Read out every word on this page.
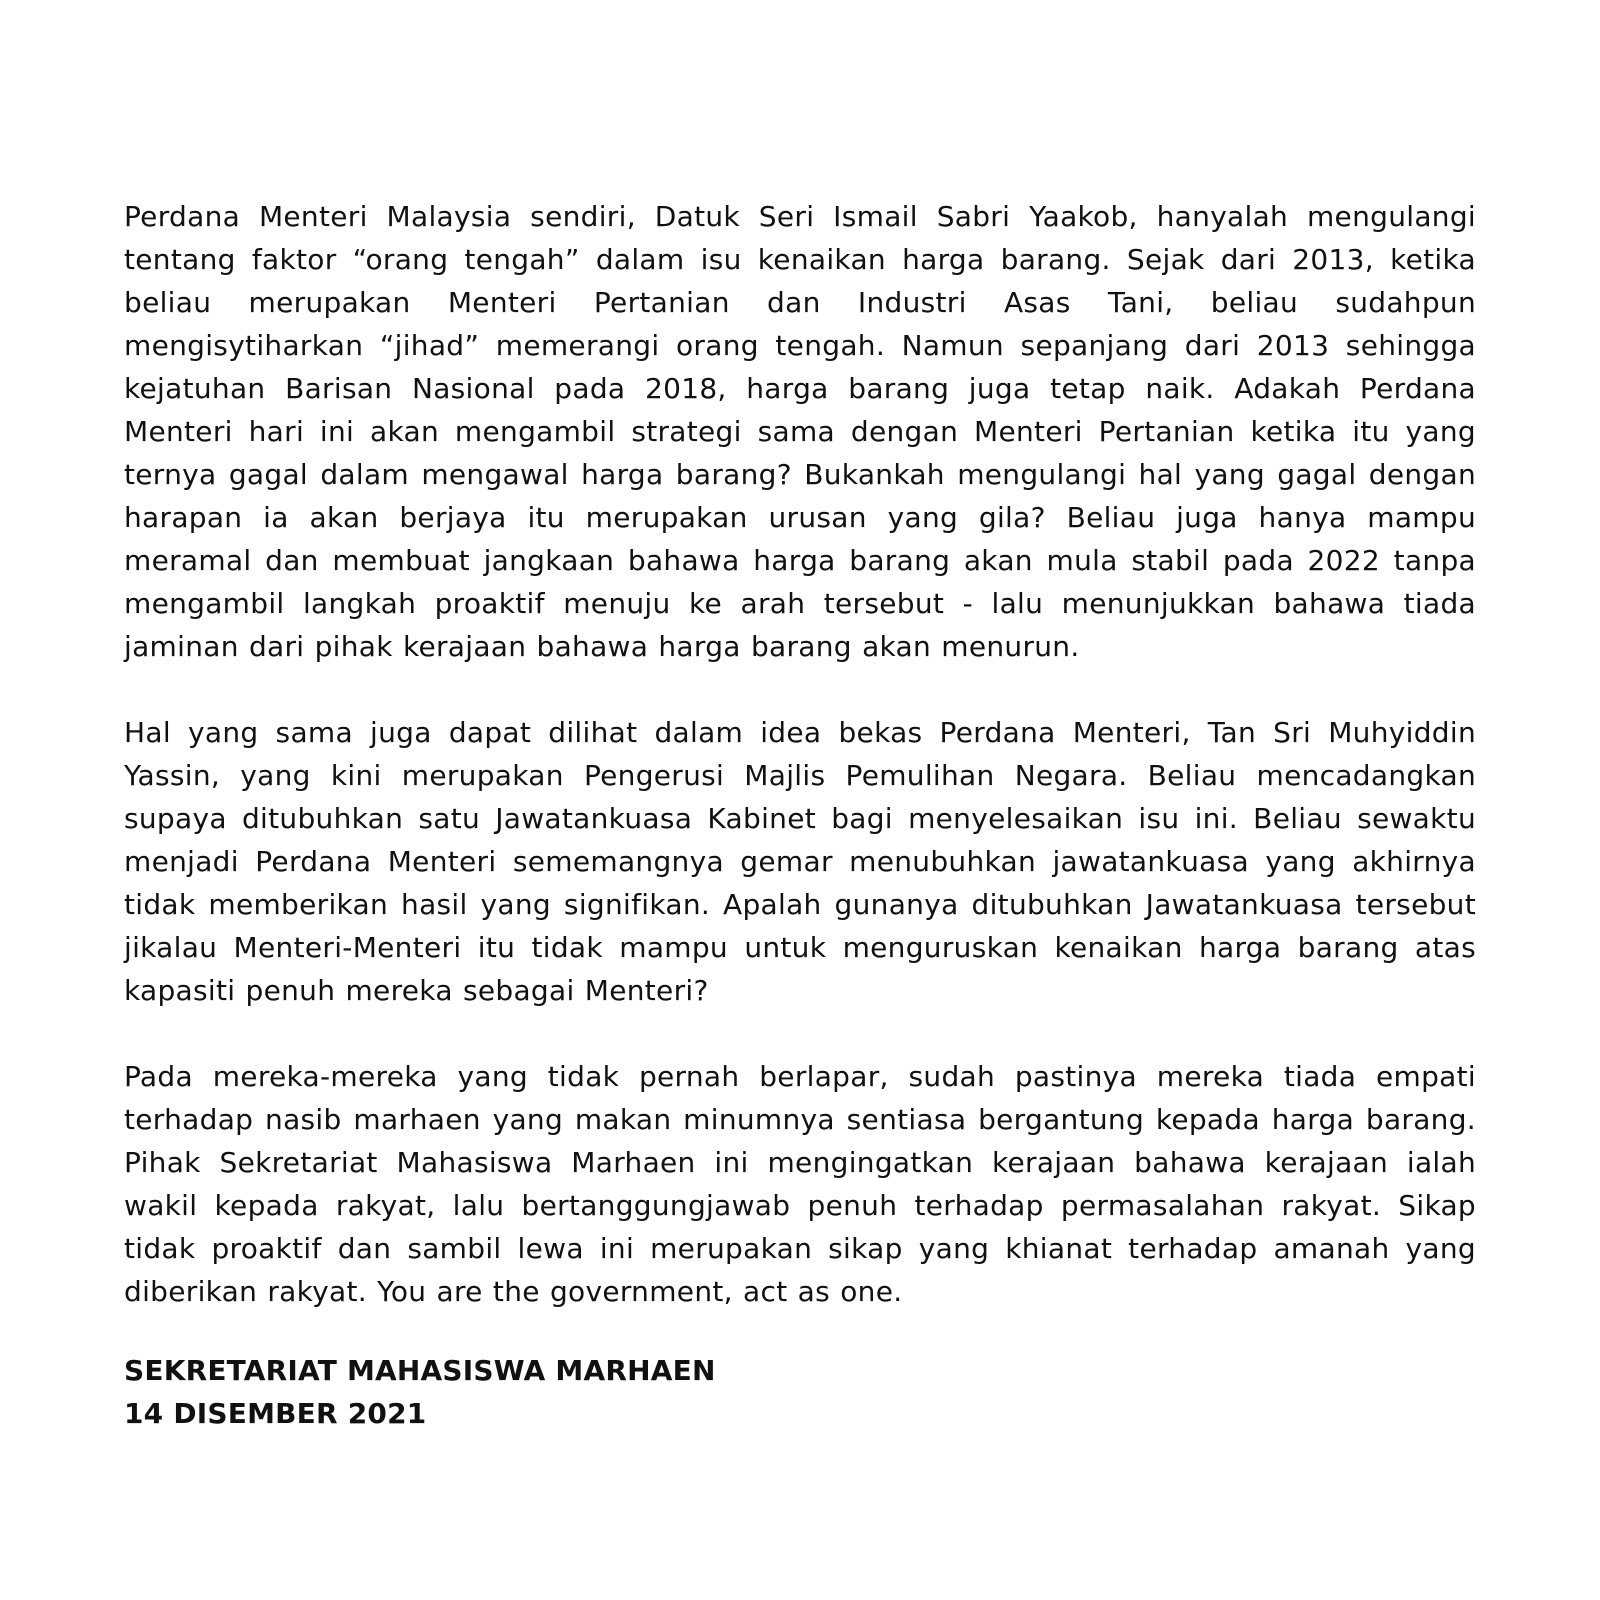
Perdana Menteri Malaysia sendiri, Datuk Seri Ismail Sabri Yaakob, hanyalah mengulangi tentang faktor “orang tengah” dalam isu kenaikan harga barang. Sejak dari 2013, ketika beliau merupakan Menteri Pertanian dan Industri Asas Tani, beliau sudahpun mengisytiharkan “jihad” memerangi orang tengah. Namun sepanjang dari 2013 sehingga kejatuhan Barisan Nasional pada 2018, harga barang juga tetap naik. Adakah Perdana Menteri hari ini akan mengambil strategi sama dengan Menteri Pertanian ketika itu yang ternya gagal dalam mengawal harga barang? Bukankah mengulangi hal yang gagal dengan harapan ia akan berjaya itu merupakan urusan yang gila? Beliau juga hanya mampu meramal dan membuat jangkaan bahawa harga barang akan mula stabil pada 2022 tanpa mengambil langkah proaktif menuju ke arah tersebut - lalu menunjukkan bahawa tiada jaminan dari pihak kerajaan bahawa harga barang akan menurun.

Hal yang sama juga dapat dilihat dalam idea bekas Perdana Menteri, Tan Sri Muhyiddin Yassin, yang kini merupakan Pengerusi Majlis Pemulihan Negara. Beliau mencadangkan supaya ditubuhkan satu Jawatankuasa Kabinet bagi menyelesaikan isu ini. Beliau sewaktu menjadi Perdana Menteri sememangnya gemar menubuhkan jawatankuasa yang akhirnya tidak memberikan hasil yang signifikan. Apalah gunanya ditubuhkan Jawatankuasa tersebut jikalau Menteri-Menteri itu tidak mampu untuk menguruskan kenaikan harga barang atas kapasiti penuh mereka sebagai Menteri?

Pada mereka-mereka yang tidak pernah berlapar, sudah pastinya mereka tiada empati terhadap nasib marhaen yang makan minumnya sentiasa bergantung kepada harga barang. Pihak Sekretariat Mahasiswa Marhaen ini mengingatkan kerajaan bahawa kerajaan ialah wakil kepada rakyat, lalu bertanggungjawab penuh terhadap permasalahan rakyat. Sikap tidak proaktif dan sambil lewa ini merupakan sikap yang khianat terhadap amanah yang diberikan rakyat. You are the government, act as one.

SEKRETARIAT MAHASISWA MARHAEN
14 DISEMBER 2021
